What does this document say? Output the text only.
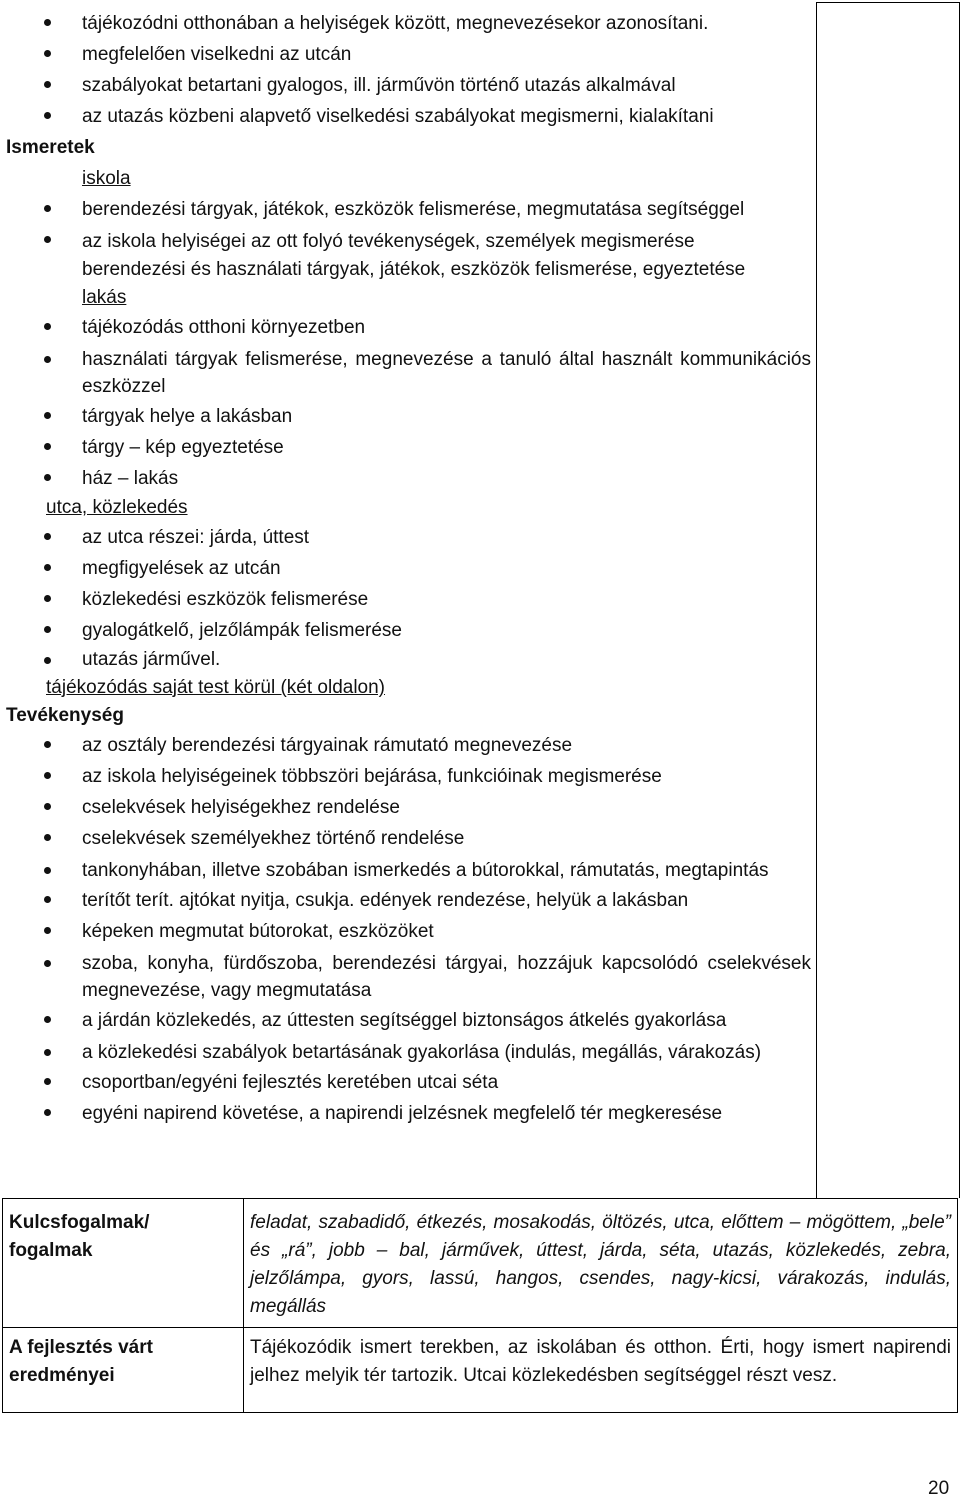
tájékozódni otthonában a helyiségek között, megnevezésekor azonosítani.
megfelelően viselkedni az utcán
szabályokat betartani gyalogos, ill. járművön történő utazás alkalmával
az utazás közbeni alapvető viselkedési szabályokat megismerni, kialakítani
Ismeretek
iskola
berendezési tárgyak, játékok, eszközök felismerése, megmutatása segítséggel
az iskola helyiségei az ott folyó tevékenységek, személyek megismerése
berendezési és használati tárgyak, játékok, eszközök felismerése, egyeztetése
lakás
tájékozódás otthoni környezetben
használati tárgyak felismerése, megnevezése a tanuló által használt kommunikációs eszközzel
tárgyak helye a lakásban
tárgy – kép egyeztetése
ház – lakás
utca, közlekedés
az utca részei: járda, úttest
megfigyelések az utcán
közlekedési eszközök felismerése
gyalogátkelő, jelzőlámpák felismerése
utazás járművel.
tájékozódás saját test körül (két oldalon)
Tevékenység
az osztály berendezési tárgyainak rámutató megnevezése
az iskola helyiségeinek többszöri bejárása, funkcióinak megismerése
cselekvések helyiségekhez rendelése
cselekvések személyekhez történő rendelése
tankonyhában, illetve szobában ismerkedés a bútorokkal, rámutatás, megtapintás
terítőt terít. ajtókat nyitja, csukja. edények rendezése, helyük a lakásban
képeken megmutat bútorokat, eszközöket
szoba, konyha, fürdőszoba, berendezési tárgyai, hozzájuk kapcsolódó cselekvések megnevezése, vagy megmutatása
a járdán közlekedés, az úttesten segítséggel biztonságos átkelés gyakorlása
a közlekedési szabályok betartásának gyakorlása (indulás, megállás, várakozás)
csoportban/egyéni fejlesztés keretében utcai séta
egyéni napirend követése, a napirendi jelzésnek megfelelő tér megkeresése
Kulcsfogalmak/ fogalmak	feladat, szabadidő, étkezés, mosakodás, öltözés, utca, előttem – mögöttem, „bele” és „rá”, jobb – bal, járművek, úttest, járda, séta, utazás, közlekedés, zebra, jelzőlámpa, gyors, lassú, hangos, csendes, nagy-kicsi, várakozás, indulás, megállás
A fejlesztés várt eredményei	Tájékozódik ismert terekben, az iskolában és otthon. Érti, hogy ismert napirendi jelhez melyik tér tartozik. Utcai közlekedésben segítséggel részt vesz.
20
